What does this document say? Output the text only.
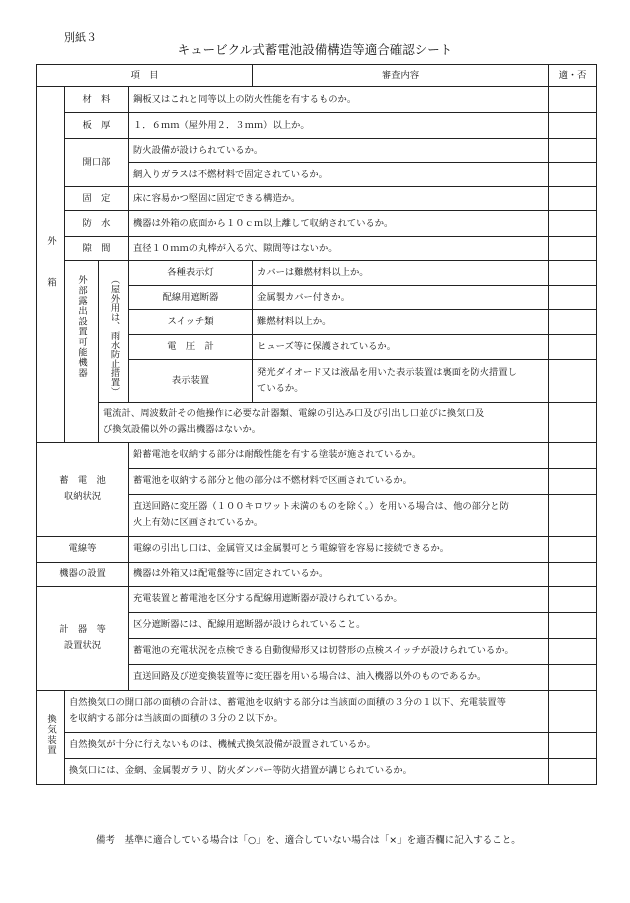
別紙３
キュービクル式蓄電池設備構造等適合確認シート
項　目				審査内容	適・否
外　　　箱	材　料		鋼板又はこれと同等以上の防火性能を有するものか。		
	板　厚		１．６ｍｍ（屋外用２．３ｍｍ）以上か。		
	開口部		防火設備が設けられているか。		
			網入りガラスは不燃材料で固定されているか。		
	固　定		床に容易かつ堅固に固定できる構造か。		
	防　水		機器は外箱の底面から１０ｃｍ以上離して収納されているか。		
	隙　間		直径１０ｍｍの丸棒が入る穴、隙間等はないか。		
	外部露出設置可能機器	（屋外用は、雨水防止措置）	各種表示灯	カバーは難燃材料以上か。	
			配線用遮断器	金属製カバー付きか。	
			スイッチ類	難燃材料以上か。	
			電　圧　計	ヒューズ等に保護されているか。	
			表示装置	発光ダイオード又は液晶を用いた表示装置は裏面を防火措置し
ているか。	

		電流計、周波数計その他操作に必要な計器類、電線の引込み口及び引出し口並びに換気口及
び換気設備以外の露出機器はないか。			

蓄　電　池
収納状況			鉛蓄電池を収納する部分は耐酸性能を有する塗装が施されているか。		
			蓄電池を収納する部分と他の部分は不燃材料で区画されているか。		

			直送回路に変圧器（１００キロワット未満のものを除く。）を用いる場合は、他の部分と防
火上有効に区画されているか。		

電線等			電線の引出し口は、金属管又は金属製可とう電線管を容易に接続できるか。		
機器の設置			機器は外箱又は配電盤等に固定されているか。		

計　器　等
設置状況			充電装置と蓄電池を区分する配線用遮断器が設けられているか。		
			区分遮断器には、配線用遮断器が設けられていること。		
			蓄電池の充電状況を点検できる自動復帰形又は切替形の点検スイッチが設けられているか。		
			直送回路及び逆変換装置等に変圧器を用いる場合は、油入機器以外のものであるか。		
換気装置	自然換気口の開口部の面積の合計は、蓄電池を収納する部分は当該面の面積の３分の１以下、充電装置等
を収納する部分は当該面の面積の３分の２以下か。				

	自然換気が十分に行えないものは、機械式換気設備が設置されているか。				
	換気口には、金網、金属製ガラリ、防火ダンパー等防火措置が講じられているか。				
備考　基準に適合している場合は「○」を、適合していない場合は「×」を適否欄に記入すること。
